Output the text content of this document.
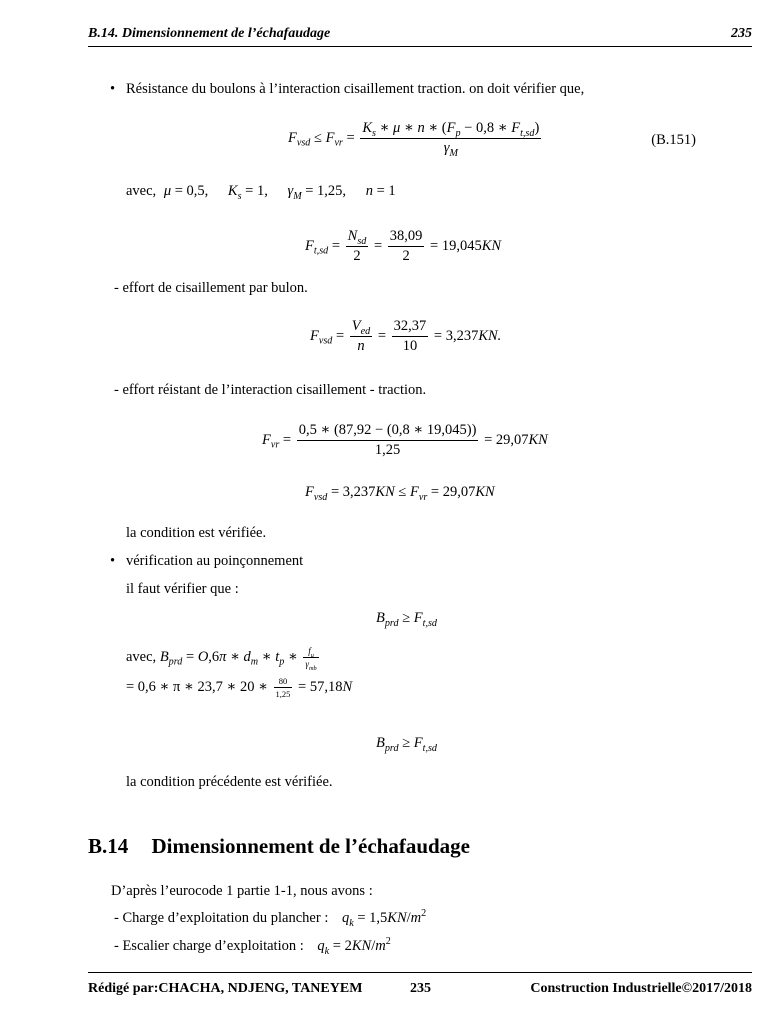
B.14. Dimensionnement de l’échafaudage	235
• Résistance du boulons à l’interaction cisaillement traction. on doit vérifier que,
$F_{vsd} \le F_{vr} = \frac{K_s ∗ \mu ∗ n ∗ (F_p - 0,8 ∗ F_{t,sd})}{\gamma_M}$	(B.151)
avec, μ = 0,5, $K_s = 1$, $\gamma_M = 1,25$, n = 1
$F_{t,sd} = \frac{N_{sd}}{2} = \frac{38,09}{2} = 19,045KN$
- effort de cisaillement par bulon.
$F_{vsd} = \frac{V_{ed}}{n} = \frac{32,37}{10} = 3,237KN$.
- effort réistant de l’interaction cisaillement - traction.
$F_{vr} = \frac{0,5 ∗ (87,92 - (0,8 ∗ 19,045))}{1,25} = 29,07KN$
$F_{vsd} = 3,237KN \le F_{vr} = 29,07KN$
la condition est vérifiée.
• vérification au poinçonnement
il faut vérifier que :
$B_{prd} \ge F_{t,sd}$
avec, $B_{prd} = O,6\pi$ ∗ $d_m$ ∗ $t_p$ ∗ $\frac{f_u}{\gamma_{mb}}$
= 0,6 ∗ π ∗ 23,7 ∗ 20 ∗ $\frac{80}{1,25} = 57,18N$
$B_{prd} \ge F_{t,sd}$
la condition précédente est vérifiée.
B.14 Dimensionnement de l’échafaudage
D’après l’eurocode 1 partie 1-1, nous avons :
- Charge d’exploitation du plancher : $q_k = 1,5KN/m^2$
- Escalier charge d’exploitation : $q_k = 2KN/m^2$
Rédigé par:CHACHA, NDJENG, TANEYEM	235	Construction Industrielle©2017/2018
